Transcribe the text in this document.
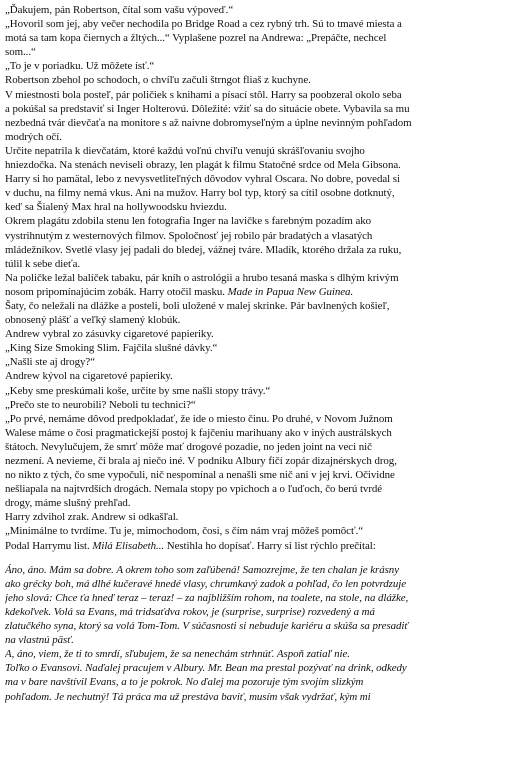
„Ďakujem, pán Robertson, čítal som vašu výpoveď.“
„Hovoril som jej, aby večer nechodila po Bridge Road a cez rybný trh. Sú to tmavé miesta a
motá sa tam kopa čiernych a žltých...“ Vyplašene pozrel na Andrewa: „Prepáčte, nechcel
som...“
„To je v poriadku. Už môžete ísť.“
Robertson zbehol po schodoch, o chvíľu začuli štrngot fliaš z kuchyne.
V miestnosti bola posteľ, pár poličiek s knihami a písací stôl. Harry sa poobzeral okolo seba
a pokúšal sa predstaviť si Inger Holterovú. Dôležité: vžiť sa do situácie obete. Vybavila sa mu
nezbedná tvár dievčaťa na monitore s až naivne dobromyseľným a úplne nevinným pohľadom
modrých očí.
Určite nepatrila k dievčatám, ktoré každú voľnú chvíľu venujú skrášľovaniu svojho
hniezdočka. Na stenách neviseli obrazy, len plagát k filmu Statočné srdce od Mela Gibsona.
Harry si ho pamätal, lebo z nevysvetliteľných dôvodov vyhral Oscara. No dobre, povedal si
v duchu, na filmy nemá vkus. Ani na mužov. Harry bol typ, ktorý sa cítil osobne dotknutý,
keď sa Šialený Max hral na hollywoodsku hviezdu.
Okrem plagátu zdobila stenu len fotografia Inger na lavičke s farebným pozadím ako
vystrihnutým z westernových filmov. Spoločnosť jej robilo pár bradatých a vlasatých
mládežníkov. Svetlé vlasy jej padali do bledej, vážnej tváre. Mladík, ktorého držala za ruku,
túlil k sebe dieťa.
Na poličke ležal balíček tabaku, pár kníh o astrológii a hrubo tesaná maska s dlhým krivým
nosom pripomínajúcim zobák. Harry otočil masku. Made in Papua New Guinea.
Šaty, čo neležali na dlážke a posteli, boli uložené v malej skrinke. Pár bavlnených košieľ,
obnosený plášť a veľký slamený klobúk.
Andrew vybral zo zásuvky cigaretové papieriky.
„King Size Smoking Slim. Fajčila slušné dávky.“
„Našli ste aj drogy?“
Andrew kývol na cigaretové papieriky.
„Keby sme preskúmali koše, určite by sme našli stopy trávy.“
„Prečo ste to neurobili? Neboli tu technici?“
„Po prvé, nemáme dôvod predpokladať, že ide o miesto činu. Po druhé, v Novom Južnom
Walese máme o čosi pragmatickejší postoj k fajčeniu marihuany ako v iných austrálskych
štátoch. Nevylučujem, že smrť môže mať drogové pozadie, no jeden joint na veci nič
nezmení. A nevieme, či brala aj niečo iné. V podniku Albury fičí zopár dizajnérskych drog,
no nikto z tých, čo sme vypočuli, nič nespomínal a nenašli sme nič ani v jej krvi. Očividne
nešliapala na najtvrdších drogách. Nemala stopy po vpichoch a o ľuďoch, čo berú tvrdé
drogy, máme slušný prehľad.
Harry zdvihol zrak. Andrew si odkašľal.
„Minimálne to tvrdíme. Tu je, mimochodom, čosi, s čím nám vraj môžeš pomôcť.“
Podal Harrymu list. Milá Elisabeth... Nestihla ho dopísať. Harry si list rýchlo prečítal:
Áno, áno. Mám sa dobre. A okrem toho som zaľúbená! Samozrejme, že ten chalan je krásny
ako grécky boh, má dlhé kučeravé hnedé vlasy, chrumkavý zadok a pohľad, čo len potvrdzuje
jeho slová: Chce ťa hneď teraz – teraz! – za najbližším rohom, na toalete, na stole, na dlážke,
kdekoľvek. Volá sa Evans, má tridsaťdva rokov, je (surprise, surprise) rozvedený a má
zlatučkého syna, ktorý sa volá Tom-Tom. V súčasnosti si nebuduje kariéru a skúša sa presadiť
na vlastnú päsť.
A, áno, viem, že ti to smrdí, sľubujem, že sa nenechám strhnúť. Aspoň zatiaľ nie.
Toľko o Evansovi. Naďalej pracujem v Albury. Mr. Bean ma prestal pozývať na drink, odkedy
ma v bare navštívil Evans, a to je pokrok. No ďalej ma pozoruje tým svojím slizkým
pohľadom. Je nechutný! Tá práca ma už prestáva baviť, musím však vydržať, kým mi
